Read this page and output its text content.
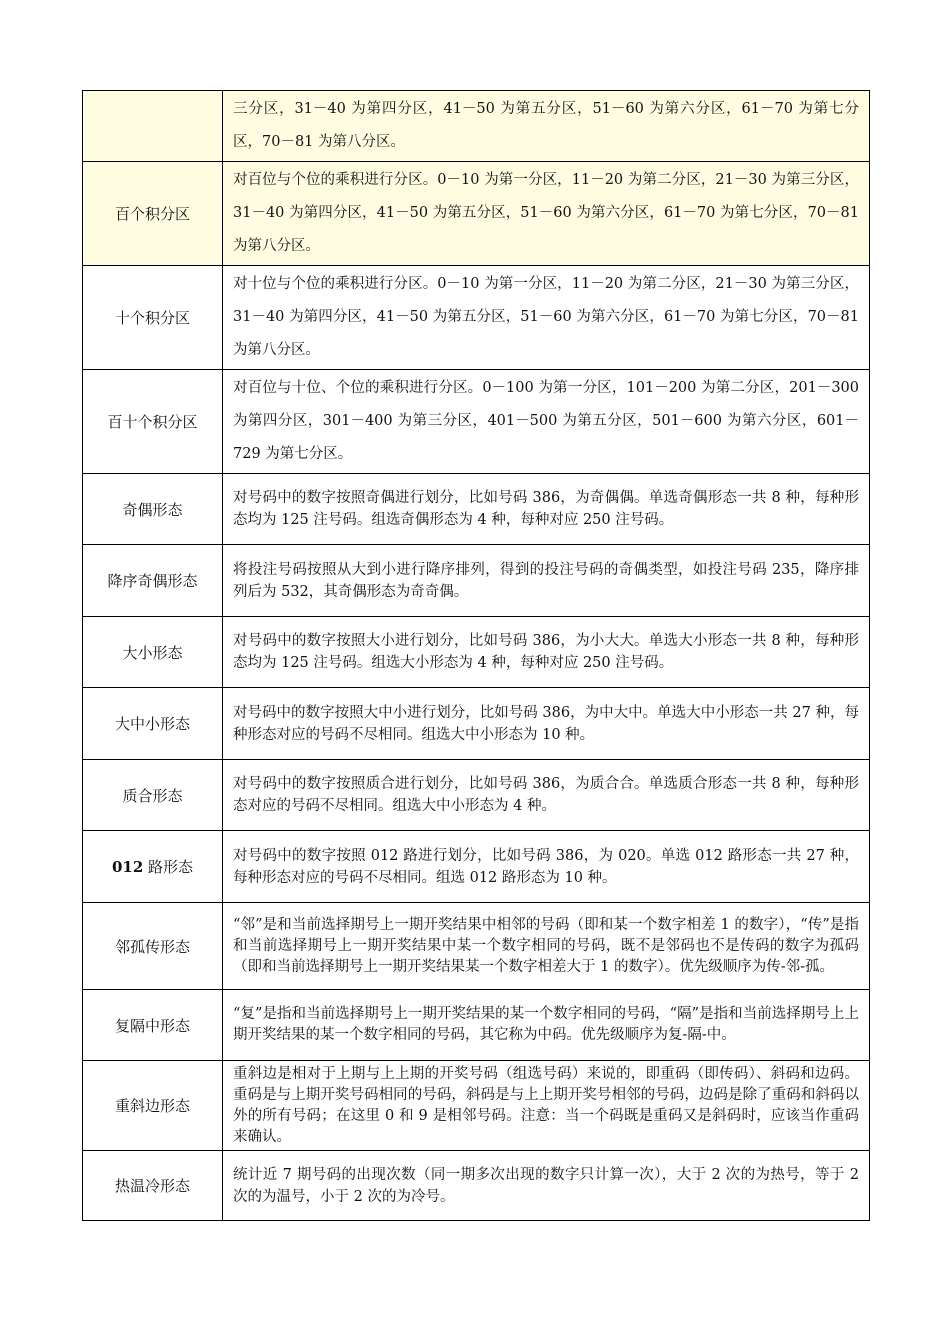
	三分区，31－40 为第四分区，41－50 为第五分区，51－60 为第六分区，61－70 为第七分区，70－81 为第八分区。
百个积分区	对百位与个位的乘积进行分区。0－10 为第一分区，11－20 为第二分区，21－30 为第三分区，31－40 为第四分区，41－50 为第五分区，51－60 为第六分区，61－70 为第七分区，70－81 为第八分区。
十个积分区	对十位与个位的乘积进行分区。0－10 为第一分区，11－20 为第二分区，21－30 为第三分区，31－40 为第四分区，41－50 为第五分区，51－60 为第六分区，61－70 为第七分区，70－81 为第八分区。
百十个积分区	对百位与十位、个位的乘积进行分区。0－100 为第一分区，101－200 为第二分区，201－300 为第四分区，301－400 为第三分区，401－500 为第五分区，501－600 为第六分区，601－729 为第七分区。
奇偶形态	对号码中的数字按照奇偶进行划分，比如号码 386，为奇偶偶。单选奇偶形态一共 8 种，每种形态均为 125 注号码。组选奇偶形态为 4 种，每种对应 250 注号码。
降序奇偶形态	将投注号码按照从大到小进行降序排列，得到的投注号码的奇偶类型，如投注号码 235，降序排列后为 532，其奇偶形态为奇奇偶。
大小形态	对号码中的数字按照大小进行划分，比如号码 386，为小大大。单选大小形态一共 8 种，每种形态均为 125 注号码。组选大小形态为 4 种，每种对应 250 注号码。
大中小形态	对号码中的数字按照大中小进行划分，比如号码 386，为中大中。单选大中小形态一共 27 种，每种形态对应的号码不尽相同。组选大中小形态为 10 种。
质合形态	对号码中的数字按照质合进行划分，比如号码 386，为质合合。单选质合形态一共 8 种，每种形态对应的号码不尽相同。组选大中小形态为 4 种。
012 路形态	对号码中的数字按照 012 路进行划分，比如号码 386，为 020。单选 012 路形态一共 27 种，每种形态对应的号码不尽相同。组选 012 路形态为 10 种。
邻孤传形态	“邻”是和当前选择期号上一期开奖结果中相邻的号码（即和某一个数字相差 1 的数字），“传”是指和当前选择期号上一期开奖结果中某一个数字相同的号码，既不是邻码也不是传码的数字为孤码（即和当前选择期号上一期开奖结果某一个数字相差大于 1 的数字）。优先级顺序为传-邻-孤。
复隔中形态	“复”是指和当前选择期号上一期开奖结果的某一个数字相同的号码，“隔”是指和当前选择期号上上期开奖结果的某一个数字相同的号码，其它称为中码。优先级顺序为复-隔-中。
重斜边形态	重斜边是相对于上期与上上期的开奖号码（组选号码）来说的，即重码（即传码）、斜码和边码。重码是与上期开奖号码相同的号码，斜码是与上上期开奖号相邻的号码，边码是除了重码和斜码以外的所有号码；在这里 0 和 9 是相邻号码。注意：当一个码既是重码又是斜码时，应该当作重码来确认。
热温冷形态	统计近 7 期号码的出现次数（同一期多次出现的数字只计算一次），大于 2 次的为热号，等于 2 次的为温号，小于 2 次的为冷号。
